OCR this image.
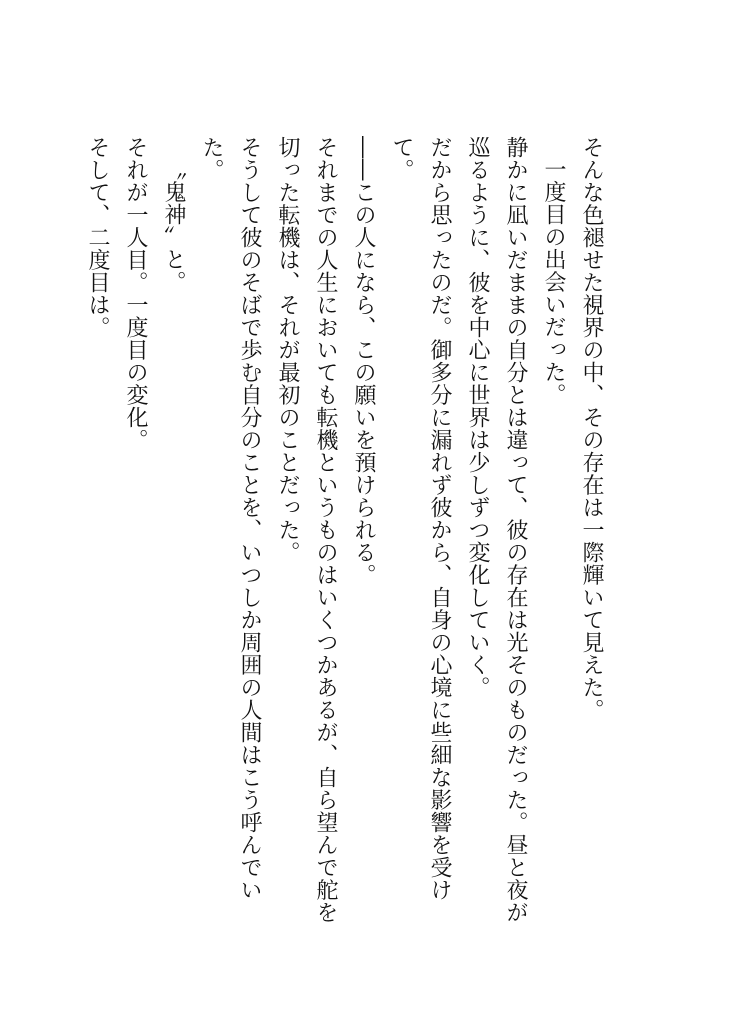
そんな色褪せた視界の中、その存在は一際輝いて見えた。

一度目の出会いだった。

静かに凪いだままの自分とは違って、彼の存在は光そのものだった。昼と夜が巡るように、彼を中心に世界は少しずつ変化していく。

だから思ったのだ。御多分に漏れず彼から、自身の心境に些細な影響を受けて。

――この人になら、この願いを預けられる。

それまでの人生においても転機というものはいくつかあるが、自ら望んで舵を切った転機は、それが最初のことだった。

そうして彼のそばで歩む自分のことを、いつしか周囲の人間はこう呼んでいた。

〝鬼神〟と。

それが一人目。一度目の変化。

そして、二度目は。
